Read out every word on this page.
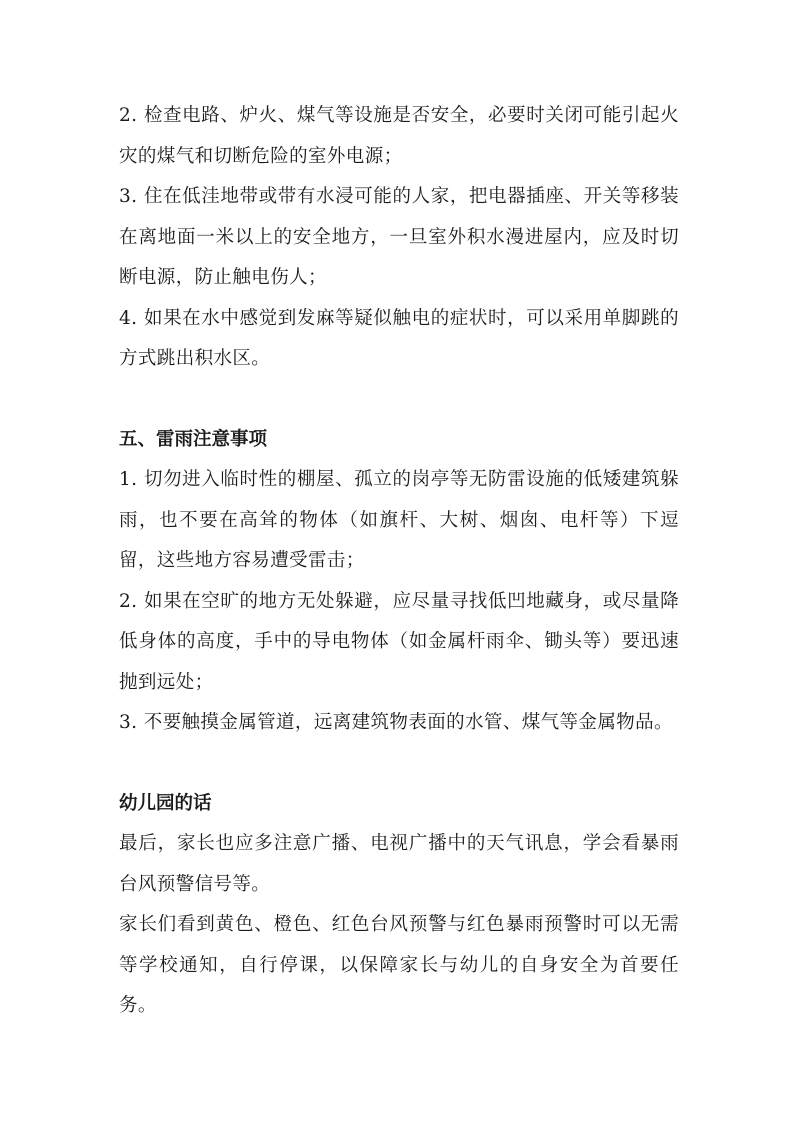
2. 检查电路、炉火、煤气等设施是否安全，必要时关闭可能引起火灾的煤气和切断危险的室外电源；

3. 住在低洼地带或带有水浸可能的人家，把电器插座、开关等移装在离地面一米以上的安全地方，一旦室外积水漫进屋内，应及时切断电源，防止触电伤人；

4. 如果在水中感觉到发麻等疑似触电的症状时，可以采用单脚跳的方式跳出积水区。

五、雷雨注意事项

1. 切勿进入临时性的棚屋、孤立的岗亭等无防雷设施的低矮建筑躲雨，也不要在高耸的物体（如旗杆、大树、烟囱、电杆等）下逗留，这些地方容易遭受雷击；

2. 如果在空旷的地方无处躲避，应尽量寻找低凹地藏身，或尽量降低身体的高度，手中的导电物体（如金属杆雨伞、锄头等）要迅速抛到远处；

3. 不要触摸金属管道，远离建筑物表面的水管、煤气等金属物品。

幼儿园的话

最后，家长也应多注意广播、电视广播中的天气讯息，学会看暴雨台风预警信号等。

家长们看到黄色、橙色、红色台风预警与红色暴雨预警时可以无需等学校通知，自行停课，以保障家长与幼儿的自身安全为首要任务。
